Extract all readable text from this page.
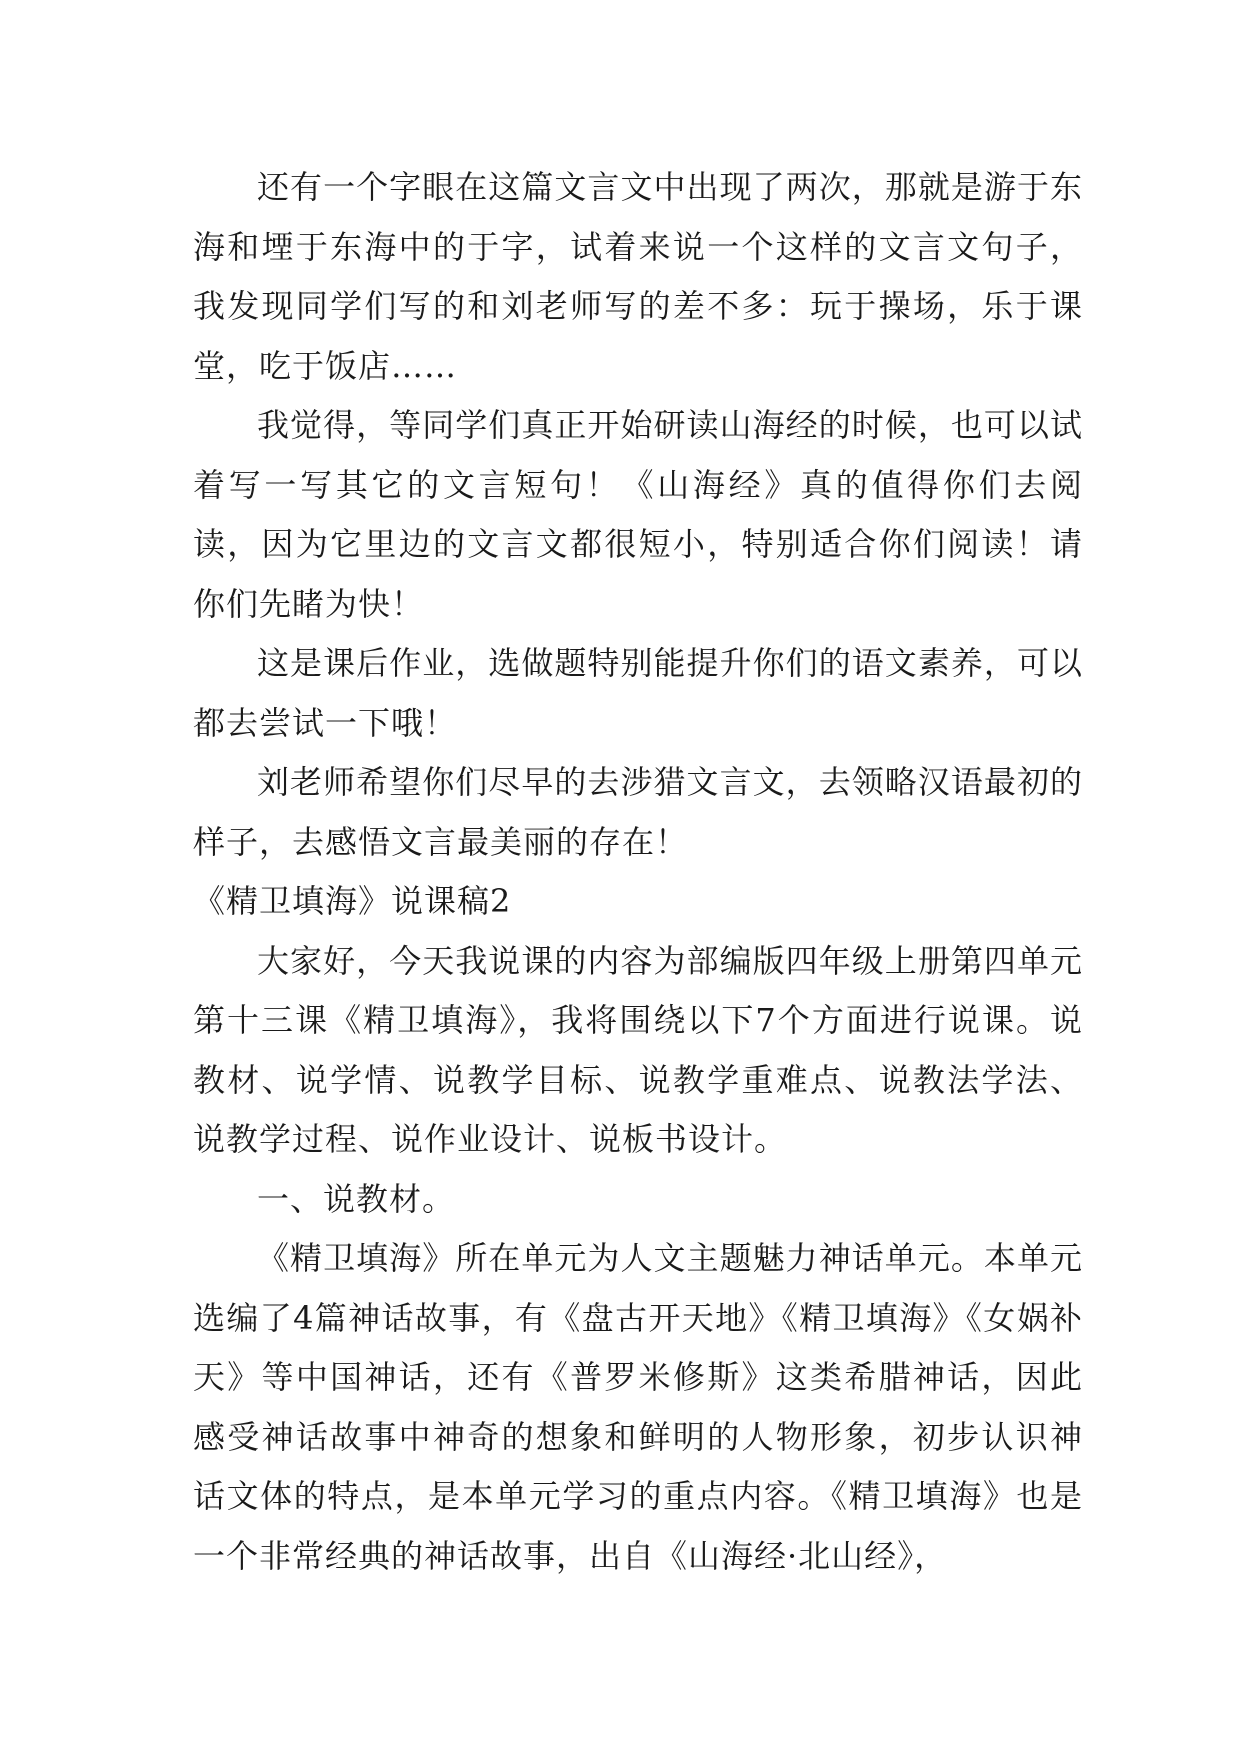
还有一个字眼在这篇文言文中出现了两次，那就是游于东海和堙于东海中的于字，试着来说一个这样的文言文句子，我发现同学们写的和刘老师写的差不多：玩于操场，乐于课堂，吃于饭店……

我觉得，等同学们真正开始研读山海经的时候，也可以试着写一写其它的文言短句！《山海经》真的值得你们去阅读，因为它里边的文言文都很短小，特别适合你们阅读！请你们先睹为快！

这是课后作业，选做题特别能提升你们的语文素养，可以都去尝试一下哦！

刘老师希望你们尽早的去涉猎文言文，去领略汉语最初的样子，去感悟文言最美丽的存在！

《精卫填海》说课稿2

大家好，今天我说课的内容为部编版四年级上册第四单元第十三课《精卫填海》，我将围绕以下7个方面进行说课。说教材、说学情、说教学目标、说教学重难点、说教法学法、说教学过程、说作业设计、说板书设计。

一、说教材。

《精卫填海》所在单元为人文主题魅力神话单元。本单元选编了4篇神话故事，有《盘古开天地》《精卫填海》《女娲补天》等中国神话，还有《普罗米修斯》这类希腊神话，因此感受神话故事中神奇的想象和鲜明的人物形象，初步认识神话文体的特点，是本单元学习的重点内容。《精卫填海》也是一个非常经典的神话故事，出自《山海经·北山经》，
